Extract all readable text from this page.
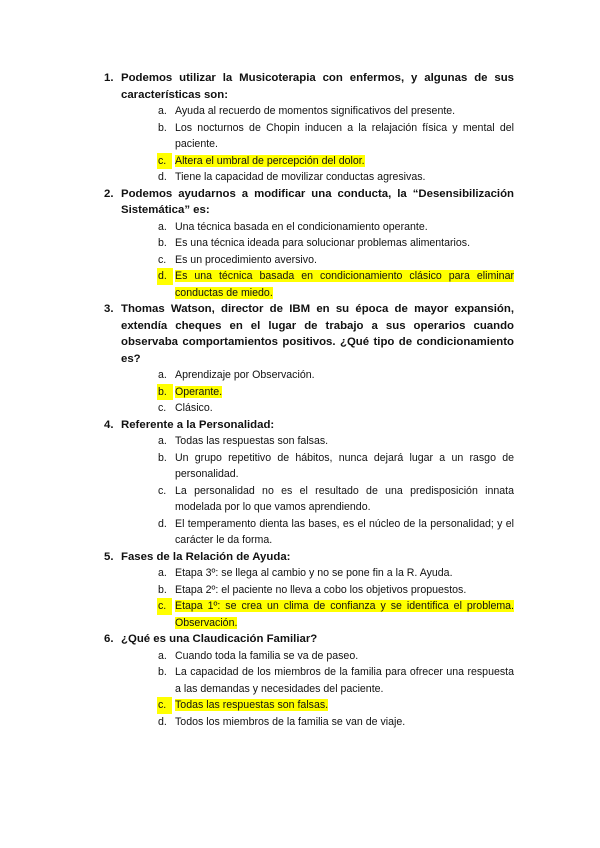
1. Podemos utilizar la Musicoterapia con enfermos, y algunas de sus características son:

a. Ayuda al recuerdo de momentos significativos del presente.
b. Los nocturnos de Chopin inducen a la relajación física y mental del paciente.
c. Altera el umbral de percepción del dolor.
d. Tiene la capacidad de movilizar conductas agresivas.
2. Podemos ayudarnos a modificar una conducta, la “Desensibilización Sistemática” es:

a. Una técnica basada en el condicionamiento operante.
b. Es una técnica ideada para solucionar problemas alimentarios.
c. Es un procedimiento aversivo.
d. Es una técnica basada en condicionamiento clásico para eliminar conductas de miedo.
3. Thomas Watson, director de IBM en su época de mayor expansión, extendía cheques en el lugar de trabajo a sus operarios cuando observaba comportamientos positivos. ¿Qué tipo de condicionamiento es?

a. Aprendizaje por Observación.
b. Operante.
c. Clásico.
4. Referente a la Personalidad:

a. Todas las respuestas son falsas.
b. Un grupo repetitivo de hábitos, nunca dejará lugar a un rasgo de personalidad.
c. La personalidad no es el resultado de una predisposición innata modelada por lo que vamos aprendiendo.
d. El temperamento dienta las bases, es el núcleo de la personalidad; y el carácter le da forma.
5. Fases de la Relación de Ayuda:

a. Etapa 3º: se llega al cambio y no se pone fin a la R. Ayuda.
b. Etapa 2º: el paciente no lleva a cobo los objetivos propuestos.
c. Etapa 1º: se crea un clima de confianza y se identifica el problema. Observación.
6. ¿Qué es una Claudicación Familiar?

a. Cuando toda la familia se va de paseo.
b. La capacidad de los miembros de la familia para ofrecer una respuesta a las demandas y necesidades del paciente.
c. Todas las respuestas son falsas.
d. Todos los miembros de la familia se van de viaje.
